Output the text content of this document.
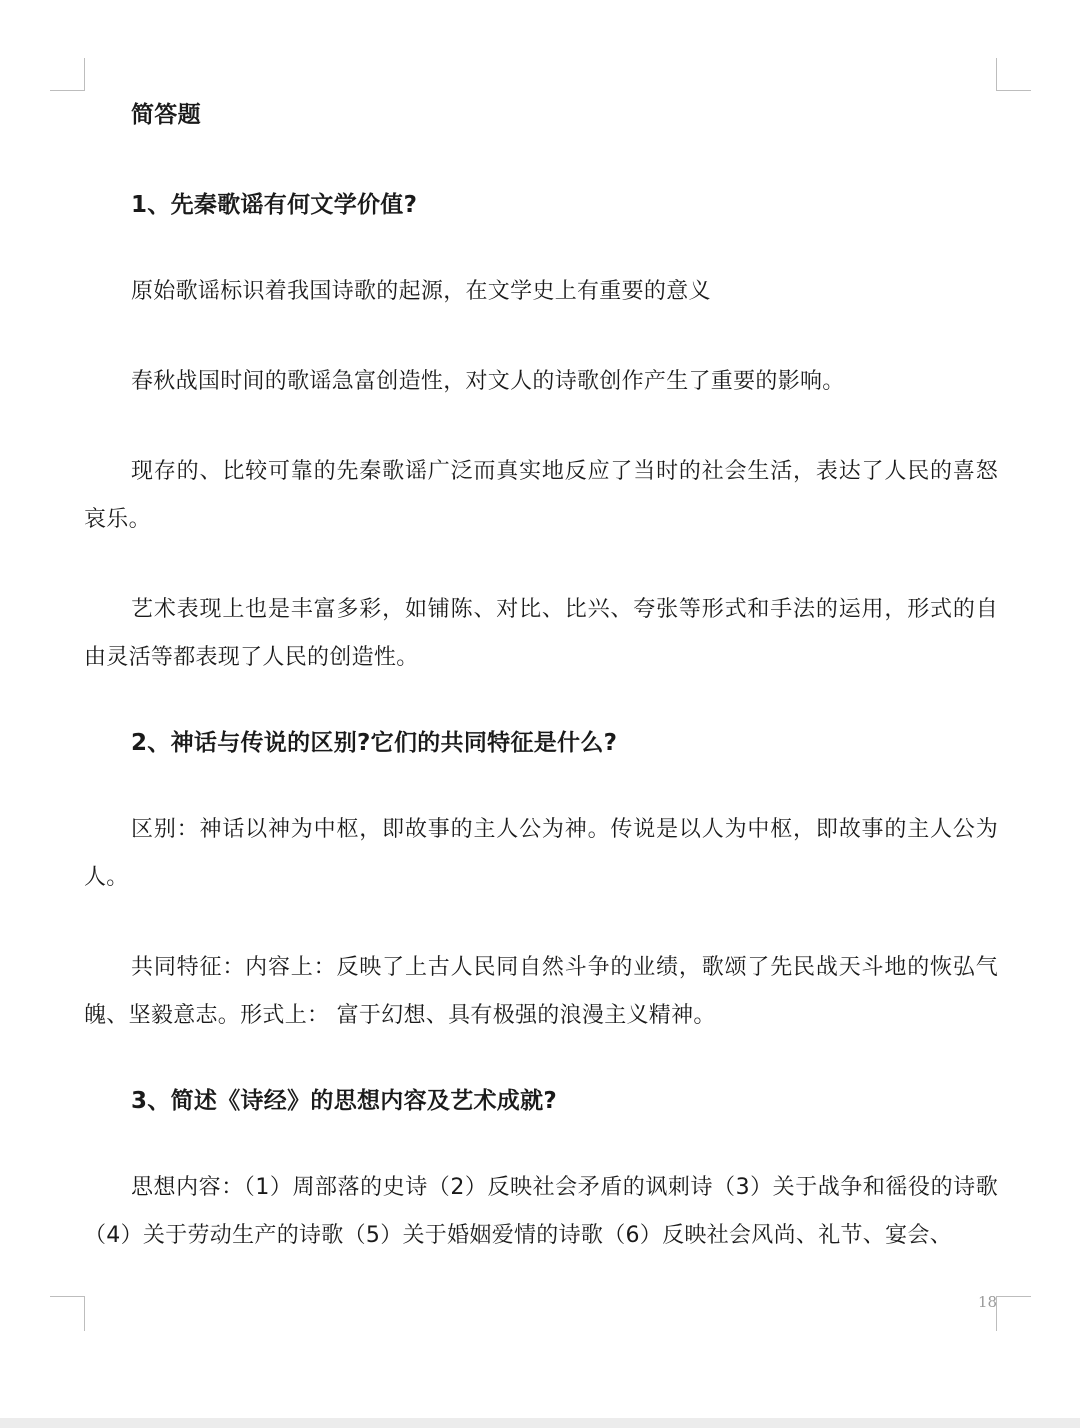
简答题

1、先秦歌谣有何文学价值?

原始歌谣标识着我国诗歌的起源，在文学史上有重要的意义

春秋战国时间的歌谣急富创造性，对文人的诗歌创作产生了重要的影响。

现存的、比较可靠的先秦歌谣广泛而真实地反应了当时的社会生活，表达了人民的喜怒哀乐。

艺术表现上也是丰富多彩，如铺陈、对比、比兴、夸张等形式和手法的运用，形式的自由灵活等都表现了人民的创造性。

2、神话与传说的区别?它们的共同特征是什么?

区别：神话以神为中枢，即故事的主人公为神。传说是以人为中枢，即故事的主人公为人。

共同特征：内容上：反映了上古人民同自然斗争的业绩，歌颂了先民战天斗地的恢弘气魄、坚毅意志。形式上： 富于幻想、具有极强的浪漫主义精神。

3、简述《诗经》的思想内容及艺术成就?

思想内容：（1）周部落的史诗（2）反映社会矛盾的讽刺诗（3）关于战争和徭役的诗歌（4）关于劳动生产的诗歌（5）关于婚姻爱情的诗歌（6）反映社会风尚、礼节、宴会、

18
